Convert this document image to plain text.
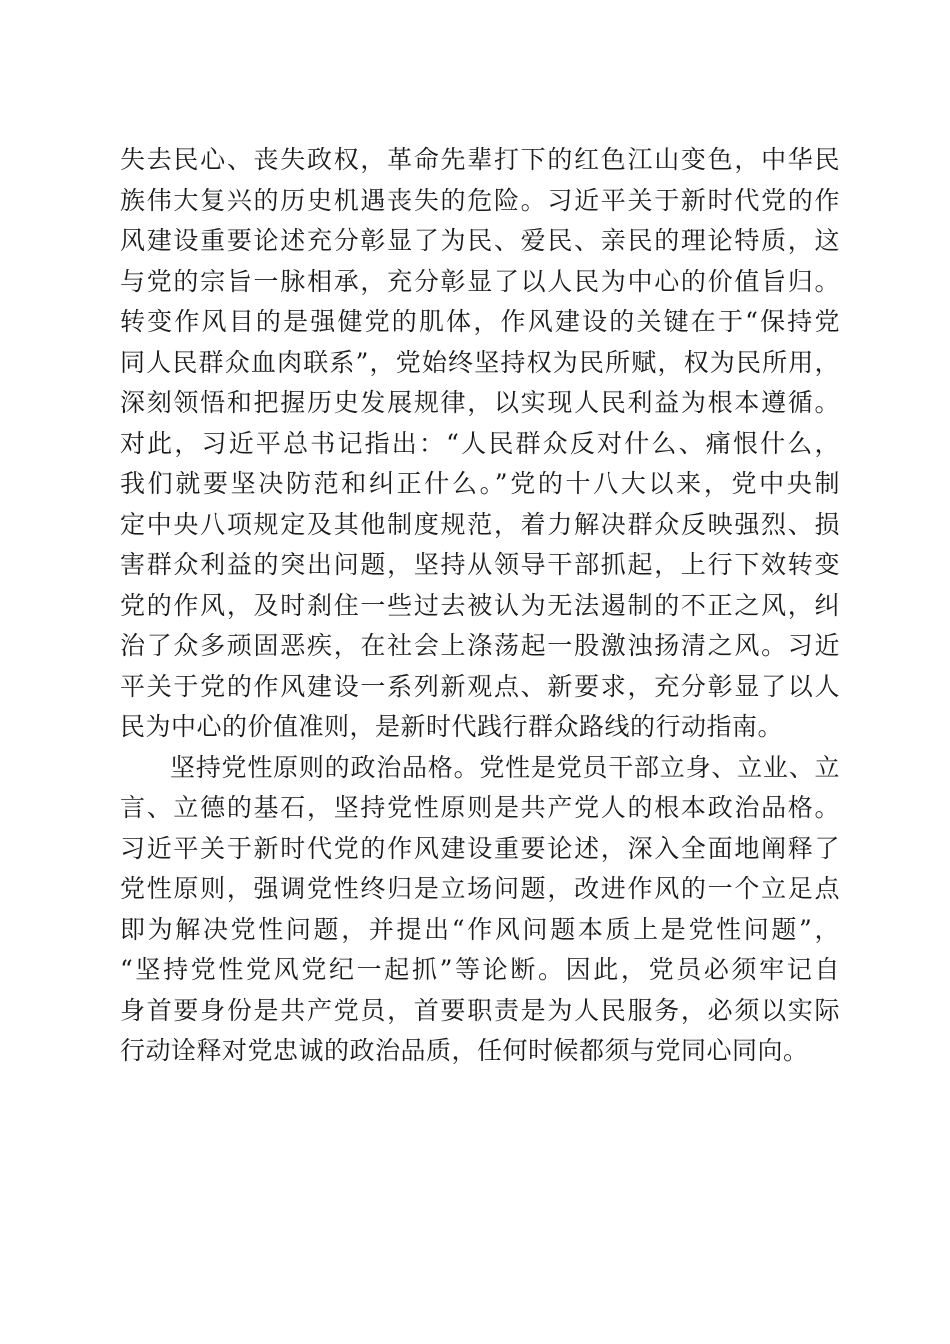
失去民心、丧失政权，革命先辈打下的红色江山变色，中华民
族伟大复兴的历史机遇丧失的危险。习近平关于新时代党的作
风建设重要论述充分彰显了为民、爱民、亲民的理论特质，这
与党的宗旨一脉相承，充分彰显了以人民为中心的价值旨归。
转变作风目的是强健党的肌体，作风建设的关键在于“保持党
同人民群众血肉联系”，党始终坚持权为民所赋，权为民所用，
深刻领悟和把握历史发展规律，以实现人民利益为根本遵循。
对此，习近平总书记指出：“人民群众反对什么、痛恨什么，
我们就要坚决防范和纠正什么。”党的十八大以来，党中央制
定中央八项规定及其他制度规范，着力解决群众反映强烈、损
害群众利益的突出问题，坚持从领导干部抓起，上行下效转变
党的作风，及时刹住一些过去被认为无法遏制的不正之风，纠
治了众多顽固恶疾，在社会上涤荡起一股激浊扬清之风。习近
平关于党的作风建设一系列新观点、新要求，充分彰显了以人
民为中心的价值准则，是新时代践行群众路线的行动指南。
坚持党性原则的政治品格。党性是党员干部立身、立业、立
言、立德的基石，坚持党性原则是共产党人的根本政治品格。
习近平关于新时代党的作风建设重要论述，深入全面地阐释了
党性原则，强调党性终归是立场问题，改进作风的一个立足点
即为解决党性问题，并提出“作风问题本质上是党性问题”，
“坚持党性党风党纪一起抓”等论断。因此，党员必须牢记自
身首要身份是共产党员，首要职责是为人民服务，必须以实际
行动诠释对党忠诚的政治品质，任何时候都须与党同心同向。
